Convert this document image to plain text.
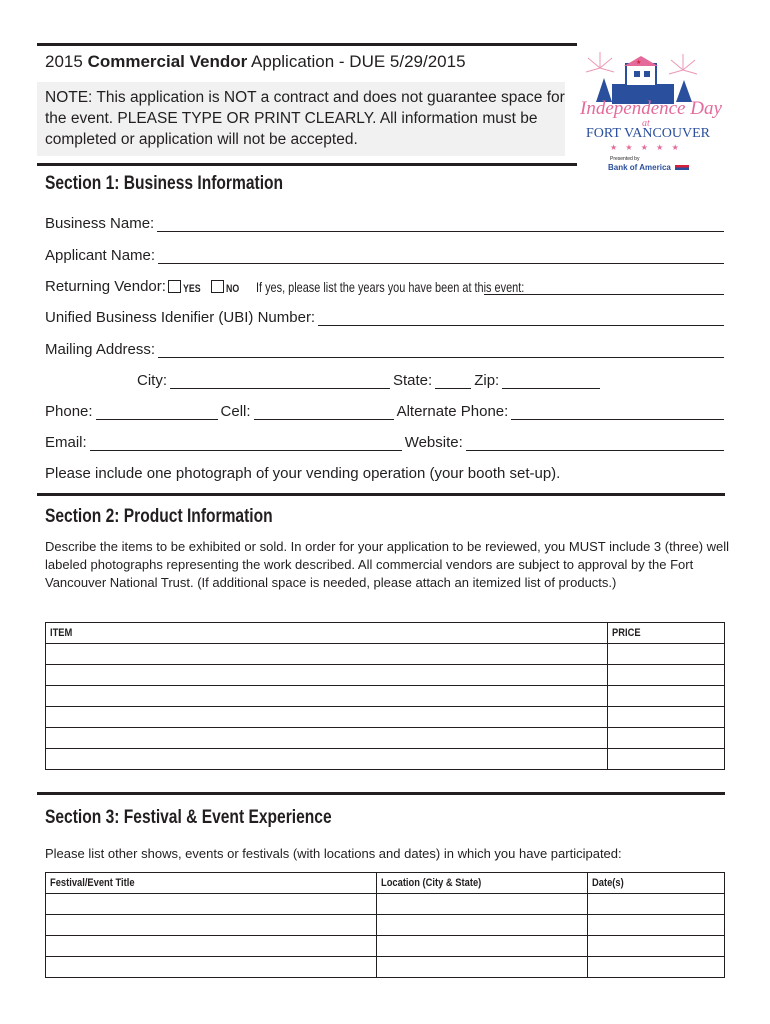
2015 Commercial Vendor Application - DUE 5/29/2015
NOTE: This application is NOT a contract and does not guarantee space for the event. PLEASE TYPE OR PRINT CLEARLY. All information must be completed or application will not be accepted.
★
Independence Day
at
FORT VANCOUVER
★ ★ ★ ★ ★
Presented by
Bank of America
Section 1: Business Information
Business Name:
Applicant Name:
Returning Vendor: YES NO If yes, please list the years you have been at this event:
Unified Business Idenifier (UBI) Number:
Mailing Address:
City:	State:	Zip:
Phone:	Cell:	Alternate Phone:
Email:	Website:
Please include one photograph of your vending operation (your booth set-up).
Section 2: Product Information
Describe the items to be exhibited or sold. In order for your application to be reviewed, you MUST include 3 (three) well labeled photographs representing the work described. All commercial vendors are subject to approval by the Fort Vancouver National Trust. (If additional space is needed, please attach an itemized list of products.)
ITEM	PRICE

Section 3: Festival & Event Experience
Please list other shows, events or festivals (with locations and dates) in which you have participated:
Festival/Event Title	Location (City & State)	Date(s)
